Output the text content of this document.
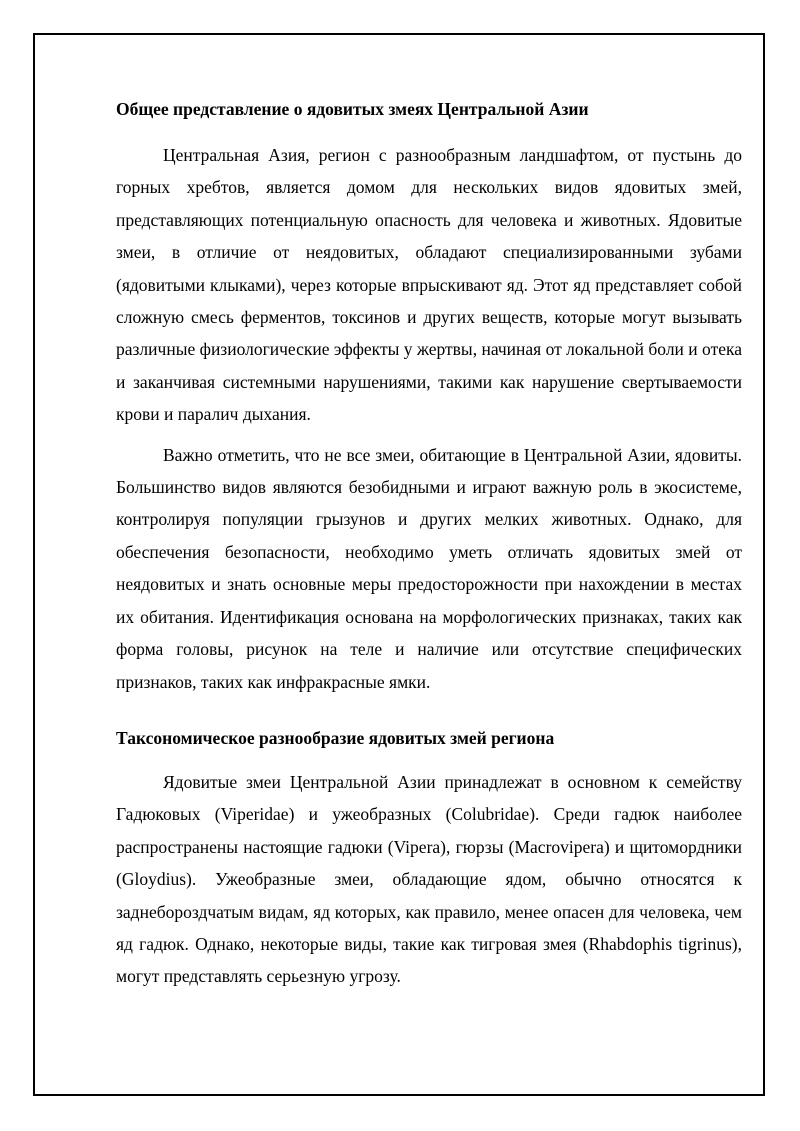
Общее представление о ядовитых змеях Центральной Азии

Центральная Азия, регион с разнообразным ландшафтом, от пустынь до горных хребтов, является домом для нескольких видов ядовитых змей, представляющих потенциальную опасность для человека и животных. Ядовитые змеи, в отличие от неядовитых, обладают специализированными зубами (ядовитыми клыками), через которые впрыскивают яд. Этот яд представляет собой сложную смесь ферментов, токсинов и других веществ, которые могут вызывать различные физиологические эффекты у жертвы, начиная от локальной боли и отека и заканчивая системными нарушениями, такими как нарушение свертываемости крови и паралич дыхания.

Важно отметить, что не все змеи, обитающие в Центральной Азии, ядовиты. Большинство видов являются безобидными и играют важную роль в экосистеме, контролируя популяции грызунов и других мелких животных. Однако, для обеспечения безопасности, необходимо уметь отличать ядовитых змей от неядовитых и знать основные меры предосторожности при нахождении в местах их обитания. Идентификация основана на морфологических признаках, таких как форма головы, рисунок на теле и наличие или отсутствие специфических признаков, таких как инфракрасные ямки.

Таксономическое разнообразие ядовитых змей региона

Ядовитые змеи Центральной Азии принадлежат в основном к семейству Гадюковых (Viperidae) и ужеобразных (Colubridae). Среди гадюк наиболее распространены настоящие гадюки (Vipera), гюрзы (Macrovipera) и щитомордники (Gloydius). Ужеобразные змеи, обладающие ядом, обычно относятся к заднебороздчатым видам, яд которых, как правило, менее опасен для человека, чем яд гадюк. Однако, некоторые виды, такие как тигровая змея (Rhabdophis tigrinus), могут представлять серьезную угрозу.
